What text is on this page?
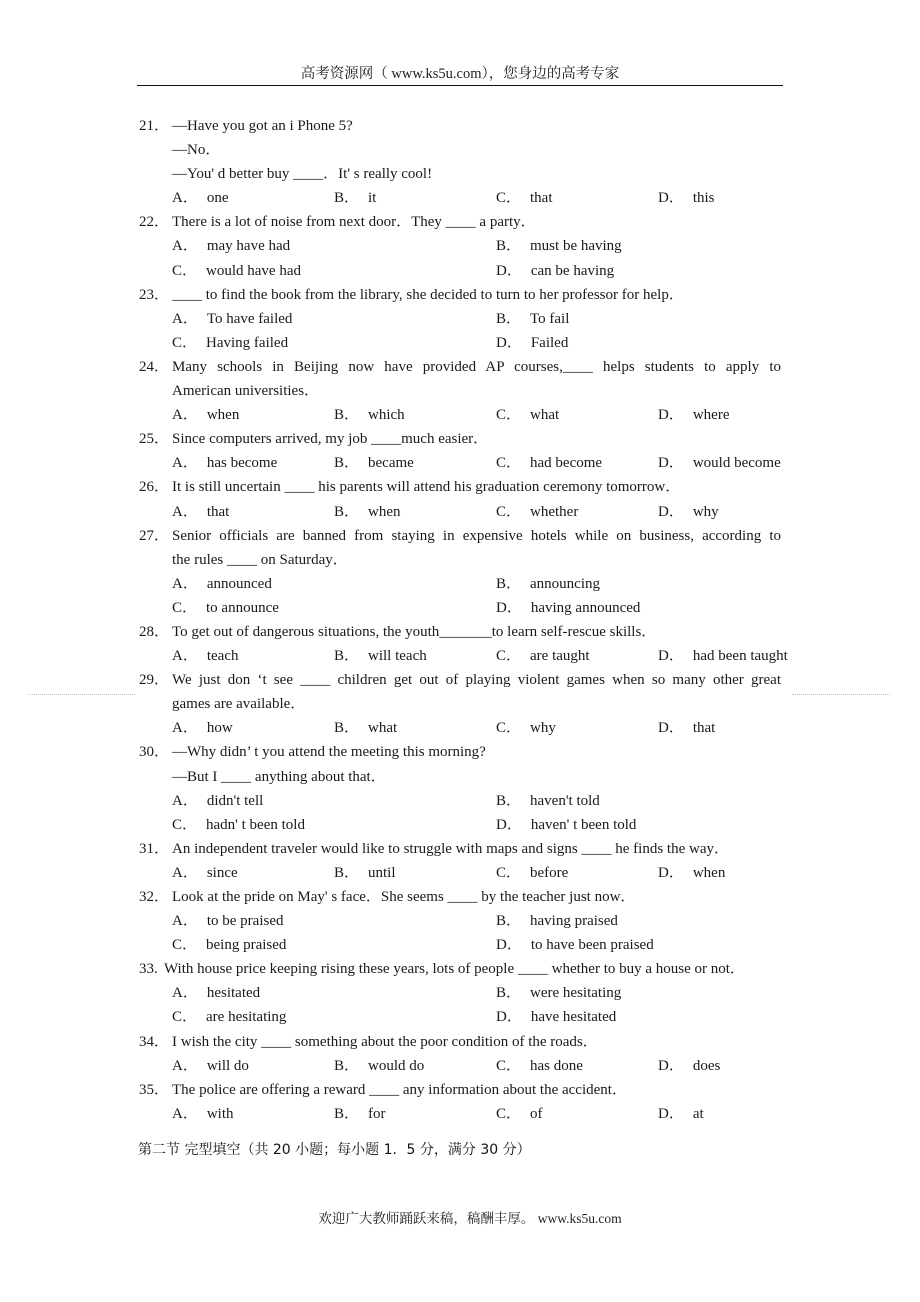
高考资源网（ www.ks5u.com），您身边的高考专家
21． —Have you got an i Phone 5?
—No．
—You' d better buy ____．It' s really cool!
A． one	B． it	C． that	D． this
22． There is a lot of noise from next door．They ____ a party．
A． may have had	B． must be having
C． would have had	D． can be having
23． ____ to find the book from the library, she decided to turn to her professor for help．
A． To have failed	B． To fail
C． Having failed	D． Failed
24． Many schools in Beijing now have provided AP courses,____ helps students to apply to
American universities．
A． when	B． which	C． what	D． where
25． Since computers arrived, my job ____much easier．
A． has become	B． became	C． had become	D． would become
26． It is still uncertain ____ his parents will attend his graduation ceremony tomorrow．
A． that	B． when	C． whether	D． why
27． Senior officials are banned from staying in expensive hotels while on business, according to
the rules ____ on Saturday．
A． announced	B． announcing
C． to announce	D． having announced
28． To get out of dangerous situations, the youth_______to learn self-rescue skills．
A． teach	B． will teach	C． are taught	D． had been taught
29． We just don ‘t see ____ children get out of playing violent games when so many other great
games are available．
A． how	B． what	C． why	D． that
30． —Why didn’ t you attend the meeting this morning?
—But I ____ anything about that．
A． didn't tell	B． haven't told
C． hadn' t been told	D． haven' t been told
31． An independent traveler would like to struggle with maps and signs ____ he finds the way．
A． since	B． until	C． before	D． when
32． Look at the pride on May' s face．She seems ____ by the teacher just now．
A． to be praised	B． having praised
C． being praised	D． to have been praised
33. With house price keeping rising these years, lots of people ____ whether to buy a house or not．
A． hesitated	B． were hesitating
C． are hesitating	D． have hesitated
34． I wish the city ____ something about the poor condition of the roads．
A． will do	B． would do	C． has done	D． does
35． The police are offering a reward ____ any information about the accident．
A． with	B． for	C． of	D． at
第二节 完型填空（共 20 小题；每小题 1．5 分，满分 30 分）
欢迎广大教师踊跃来稿，稿酬丰厚。 www.ks5u.com
